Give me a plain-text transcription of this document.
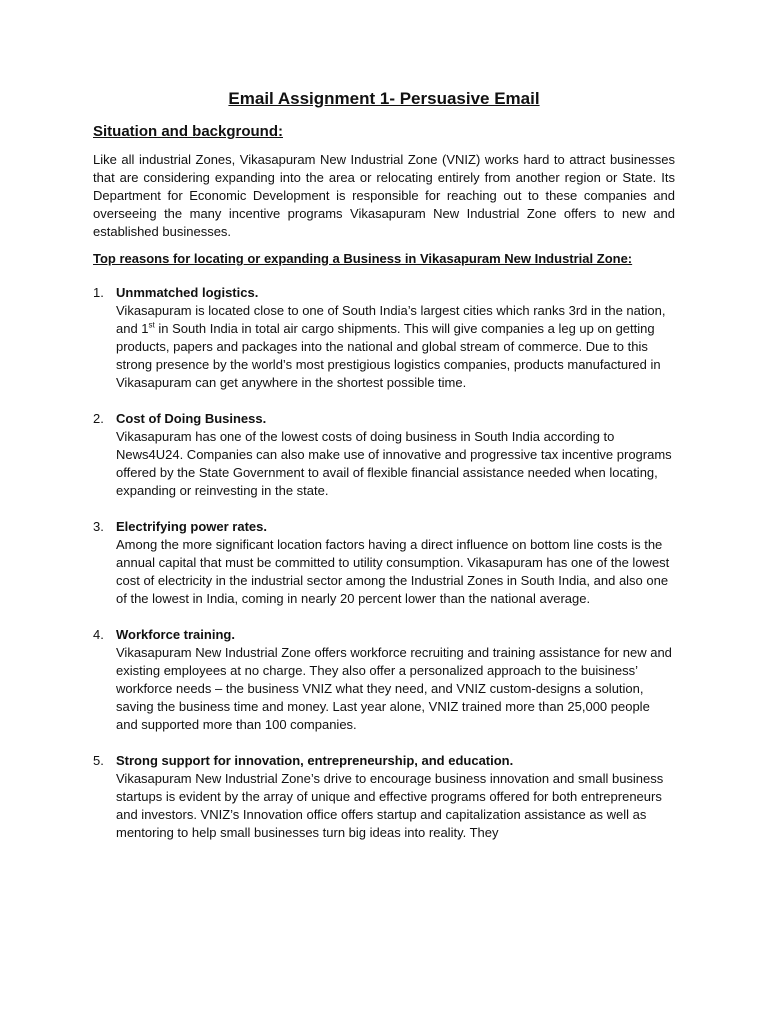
Email Assignment 1- Persuasive Email
Situation and background:

Like all industrial Zones, Vikasapuram New Industrial Zone (VNIZ) works hard to attract businesses that are considering expanding into the area or relocating entirely from another region or State. Its Department for Economic Development is responsible for reaching out to these companies and overseeing the many incentive programs Vikasapuram New Industrial Zone offers to new and established businesses.

Top reasons for locating or expanding a Business in Vikasapuram New Industrial Zone:
1. Unmmatched logistics.
Vikasapuram is located close to one of South India’s largest cities which ranks 3rd in the nation, and 1st in South India in total air cargo shipments. This will give companies a leg up on getting products, papers and packages into the national and global stream of commerce. Due to this strong presence by the world’s most prestigious logistics companies, products manufactured in Vikasapuram can get anywhere in the shortest possible time.
2. Cost of Doing Business.
Vikasapuram has one of the lowest costs of doing business in South India according to News4U24. Companies can also make use of innovative and progressive tax incentive programs offered by the State Government to avail of flexible financial assistance needed when locating, expanding or reinvesting in the state.
3. Electrifying power rates.
Among the more significant location factors having a direct influence on bottom line costs is the annual capital that must be committed to utility consumption. Vikasapuram has one of the lowest cost of electricity in the industrial sector among the Industrial Zones in South India, and also one of the lowest in India, coming in nearly 20 percent lower than the national average.
4. Workforce training.
Vikasapuram New Industrial Zone offers workforce recruiting and training assistance for new and existing employees at no charge. They also offer a personalized approach to the buisiness’ workforce needs – the business VNIZ what they need, and VNIZ custom-designs a solution, saving the business time and money. Last year alone, VNIZ trained more than 25,000 people and supported more than 100 companies.
5. Strong support for innovation, entrepreneurship, and education.
Vikasapuram New Industrial Zone’s drive to encourage business innovation and small business startups is evident by the array of unique and effective programs offered for both entrepreneurs and investors. VNIZ’s Innovation office offers startup and capitalization assistance as well as mentoring to help small businesses turn big ideas into reality. They
